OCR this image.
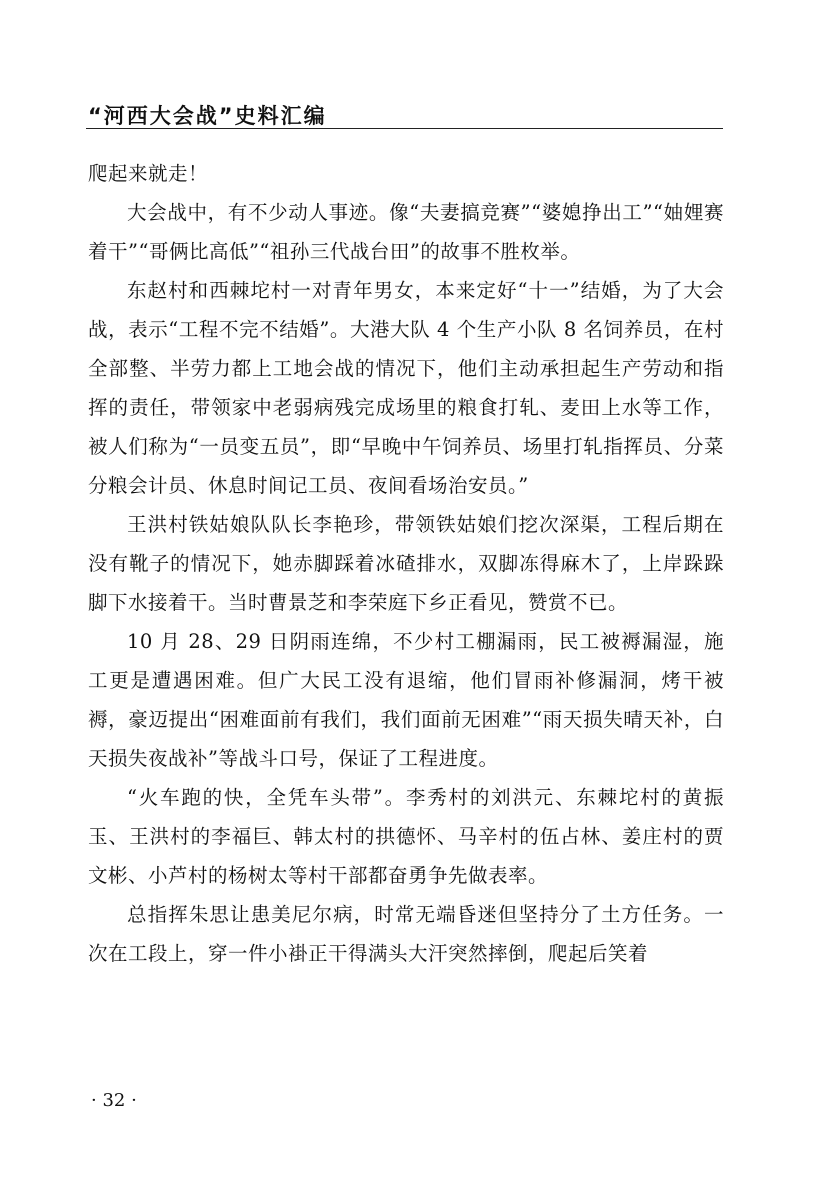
“河西大会战”史料汇编

爬起来就走！

大会战中，有不少动人事迹。像“夫妻搞竞赛”“婆媳挣出工”“妯娌赛着干”“哥俩比高低”“祖孙三代战台田”的故事不胜枚举。

东赵村和西棘坨村一对青年男女，本来定好“十一”结婚，为了大会战，表示“工程不完不结婚”。大港大队 4 个生产小队 8 名饲养员，在村全部整、半劳力都上工地会战的情况下，他们主动承担起生产劳动和指挥的责任，带领家中老弱病残完成场里的粮食打轧、麦田上水等工作，被人们称为“一员变五员”，即“早晚中午饲养员、场里打轧指挥员、分菜分粮会计员、休息时间记工员、夜间看场治安员。”

王洪村铁姑娘队队长李艳珍，带领铁姑娘们挖次深渠，工程后期在没有靴子的情况下，她赤脚踩着冰碴排水，双脚冻得麻木了，上岸跺跺脚下水接着干。当时曹景芝和李荣庭下乡正看见，赞赏不已。

10 月 28、29 日阴雨连绵，不少村工棚漏雨，民工被褥漏湿，施工更是遭遇困难。但广大民工没有退缩，他们冒雨补修漏洞，烤干被褥，豪迈提出“困难面前有我们，我们面前无困难”“雨天损失晴天补，白天损失夜战补”等战斗口号，保证了工程进度。

“火车跑的快，全凭车头带”。李秀村的刘洪元、东棘坨村的黄振玉、王洪村的李福巨、韩太村的拱德怀、马辛村的伍占林、姜庄村的贾文彬、小芦村的杨树太等村干部都奋勇争先做表率。

总指挥朱思让患美尼尔病，时常无端昏迷但坚持分了土方任务。一次在工段上，穿一件小褂正干得满头大汗突然摔倒，爬起后笑着

· 32 ·
